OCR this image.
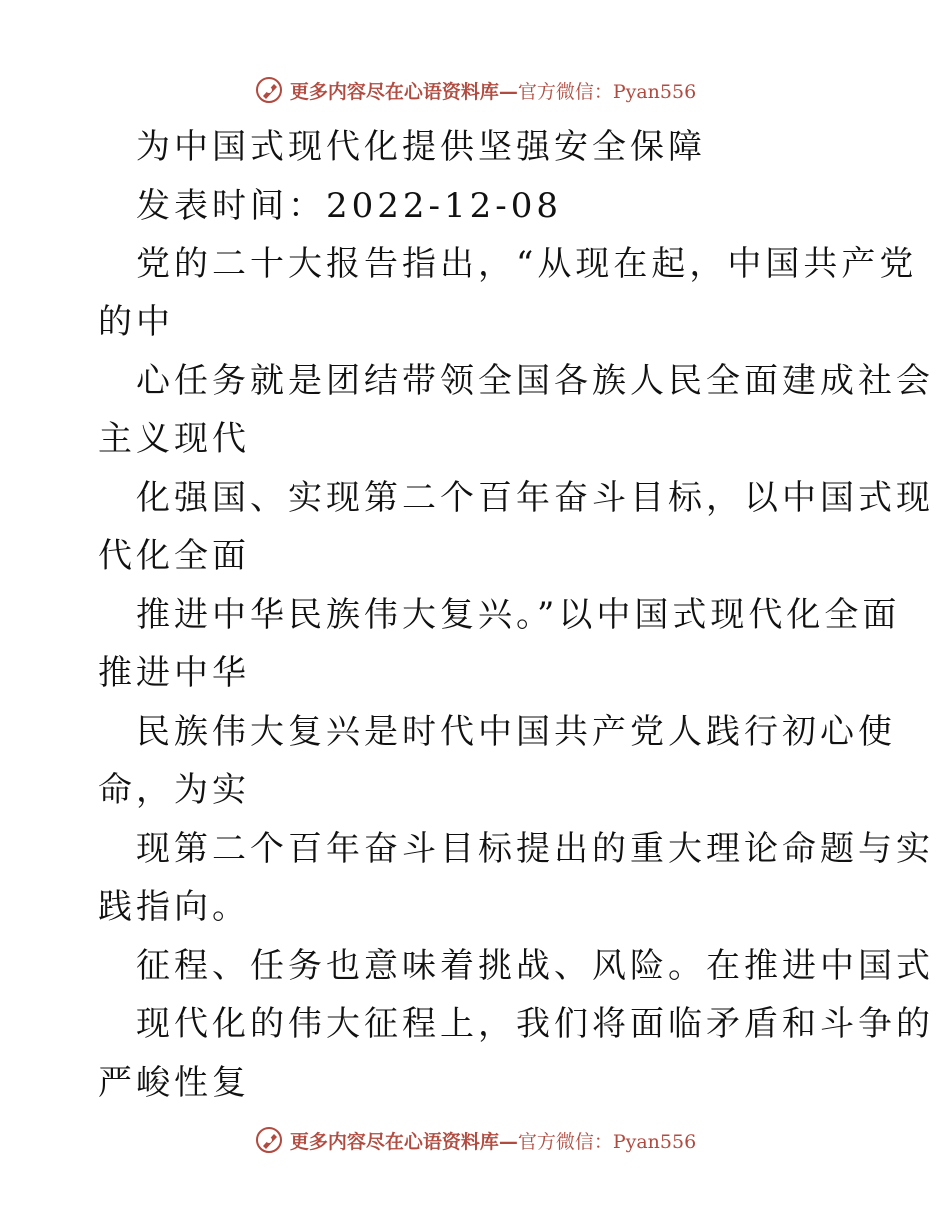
更多内容尽在心语资料库—官方微信：Pyan556
为中国式现代化提供坚强安全保障
发表时间：2022-12-08
党的二十大报告指出，“从现在起，中国共产党
的中
心任务就是团结带领全国各族人民全面建成社会
主义现代
化强国、实现第二个百年奋斗目标，以中国式现
代化全面
推进中华民族伟大复兴。”以中国式现代化全面
推进中华
民族伟大复兴是时代中国共产党人践行初心使
命，为实
现第二个百年奋斗目标提出的重大理论命题与实
践指向。
征程、任务也意味着挑战、风险。在推进中国式
现代化的伟大征程上，我们将面临矛盾和斗争的
严峻性复
更多内容尽在心语资料库—官方微信：Pyan556
